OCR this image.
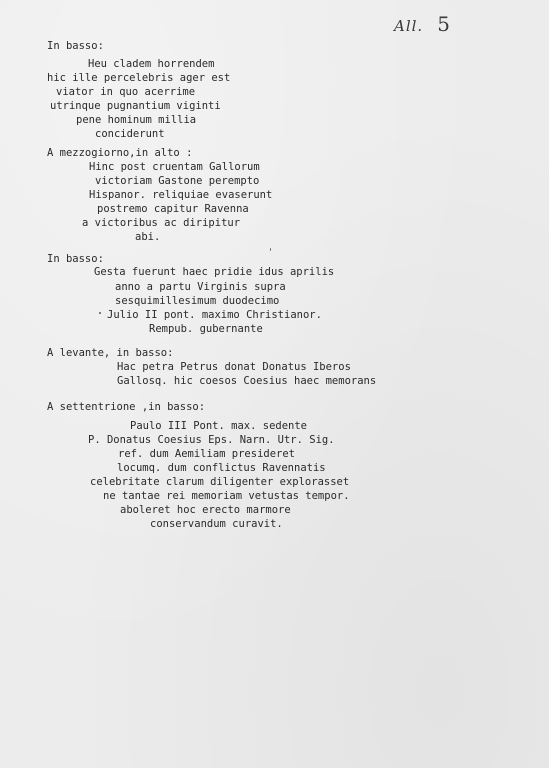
All. 5
In basso:
Heu cladem horrendem
hic ille percelebris ager est
viator in quo acerrime
utrinque pugnantium viginti
pene hominum millia
conciderunt
A mezzogiorno,in alto :
Hinc post cruentam Gallorum
victoriam Gastone perempto
Hispanor. reliquiae evaserunt
postremo capitur Ravenna
a victoribus ac diripitur
abi.
In basso:
Gesta fuerunt haec pridie idus aprilis
anno a partu Virginis supra
sesquimillesimum duodecimo
Julio II pont. maximo Christianor.
Rempub. gubernante
A levante, in basso:
Hac petra Petrus donat Donatus Iberos
Gallosq. hic coesos Coesius haec memorans
A settentrione ,in basso:
Paulo III Pont. max. sedente
P. Donatus Coesius Eps. Narn. Utr. Sig.
ref. dum Aemiliam presideret
locumq. dum conflictus Ravennatis
celebritate clarum diligenter explorasset
ne tantae rei memoriam vetustas tempor.
aboleret hoc erecto marmore
conservandum curavit.
